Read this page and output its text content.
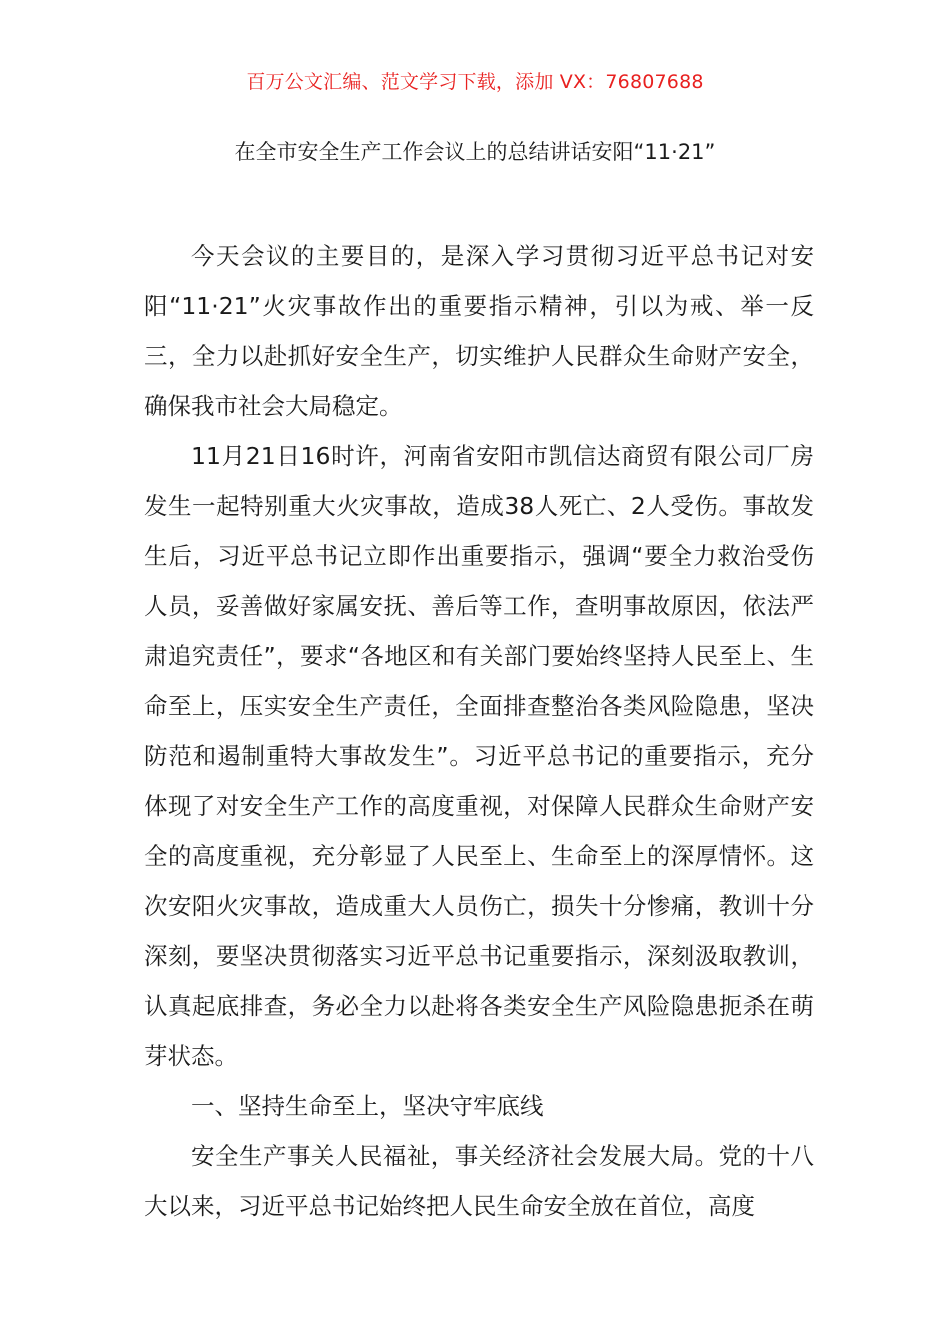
百万公文汇编、范文学习下载，添加 VX：76807688
在全市安全生产工作会议上的总结讲话安阳“11·21”

今天会议的主要目的，是深入学习贯彻习近平总书记对安阳“11·21”火灾事故作出的重要指示精神，引以为戒、举一反三，全力以赴抓好安全生产，切实维护人民群众生命财产安全，确保我市社会大局稳定。

11月21日16时许，河南省安阳市凯信达商贸有限公司厂房发生一起特别重大火灾事故，造成38人死亡、2人受伤。事故发生后，习近平总书记立即作出重要指示，强调“要全力救治受伤人员，妥善做好家属安抚、善后等工作，查明事故原因，依法严肃追究责任”，要求“各地区和有关部门要始终坚持人民至上、生命至上，压实安全生产责任，全面排查整治各类风险隐患，坚决防范和遏制重特大事故发生”。习近平总书记的重要指示，充分体现了对安全生产工作的高度重视，对保障人民群众生命财产安全的高度重视，充分彰显了人民至上、生命至上的深厚情怀。这次安阳火灾事故，造成重大人员伤亡，损失十分惨痛，教训十分深刻，要坚决贯彻落实习近平总书记重要指示，深刻汲取教训，认真起底排查，务必全力以赴将各类安全生产风险隐患扼杀在萌芽状态。

一、坚持生命至上，坚决守牢底线

安全生产事关人民福祉，事关经济社会发展大局。党的十八大以来，习近平总书记始终把人民生命安全放在首位，高度
